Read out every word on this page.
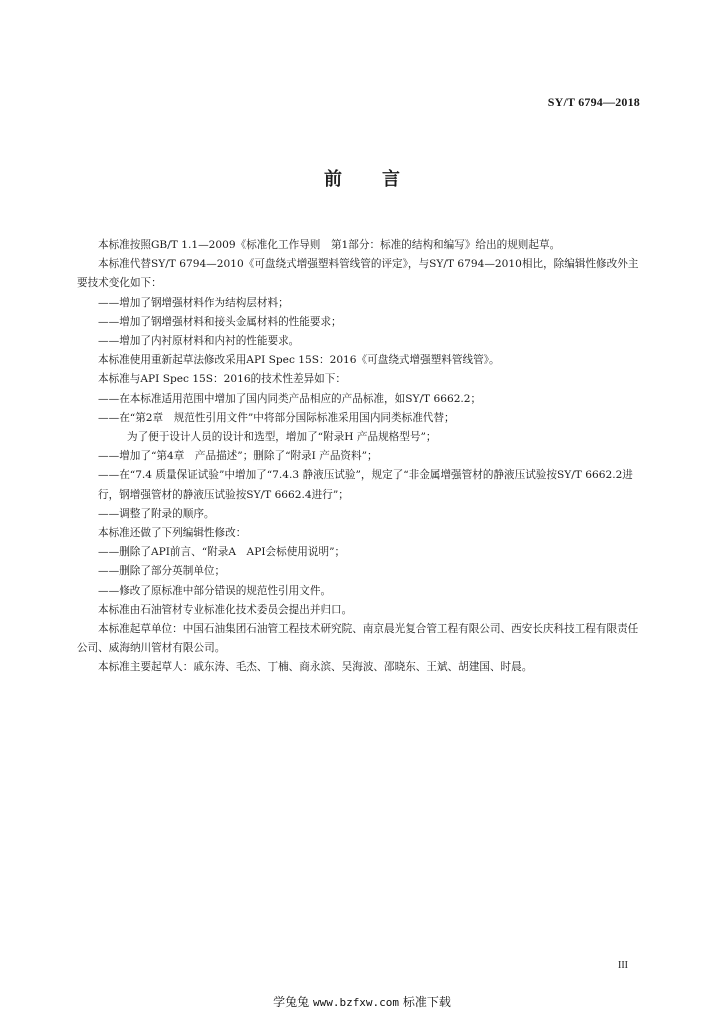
SY/T 6794—2018
前言

本标准按照GB/T 1.1—2009《标准化工作导则　第1部分：标准的结构和编写》给出的规则起草。

本标准代替SY/T 6794—2010《可盘绕式增强塑料管线管的评定》，与SY/T 6794—2010相比，除编辑性修改外主要技术变化如下：

——增加了钢增强材料作为结构层材料；

——增加了钢增强材料和接头金属材料的性能要求；

——增加了内衬原材料和内衬的性能要求。

本标准使用重新起草法修改采用API Spec 15S：2016《可盘绕式增强塑料管线管》。

本标准与API Spec 15S：2016的技术性差异如下：

——在本标准适用范围中增加了国内同类产品相应的产品标准，如SY/T 6662.2；

——在“第2章　规范性引用文件”中将部分国际标准采用国内同类标准代替；

为了便于设计人员的设计和选型，增加了“附录H 产品规格型号”；

——增加了“第4章　产品描述”；删除了“附录I 产品资料”；

——在“7.4 质量保证试验”中增加了“7.4.3 静液压试验”，规定了“非金属增强管材的静液压试验按SY/T 6662.2进行，钢增强管材的静液压试验按SY/T 6662.4进行”；

——调整了附录的顺序。

本标准还做了下列编辑性修改：

——删除了API前言、“附录A　API会标使用说明”；

——删除了部分英制单位；

——修改了原标准中部分错误的规范性引用文件。

本标准由石油管材专业标准化技术委员会提出并归口。

本标准起草单位：中国石油集团石油管工程技术研究院、南京晨光复合管工程有限公司、西安长庆科技工程有限责任公司、威海纳川管材有限公司。

本标准主要起草人：戚东涛、毛杰、丁楠、商永滨、吴海波、邵晓东、王斌、胡建国、时晨。

III
学兔兔 www.bzfxw.com 标准下载
